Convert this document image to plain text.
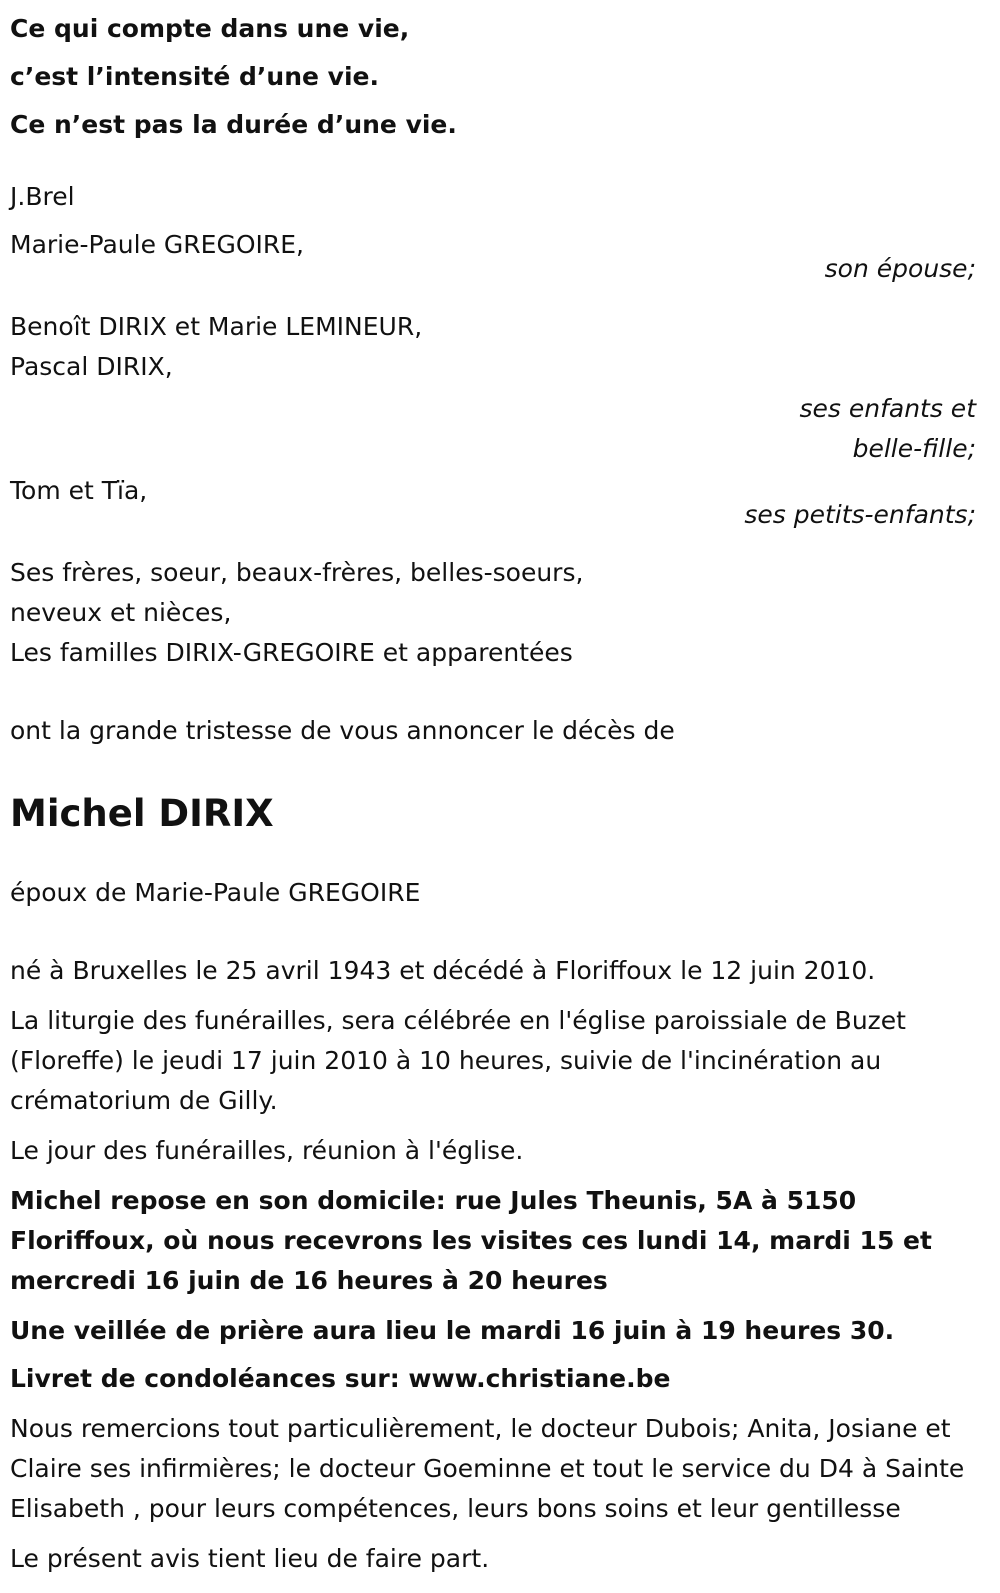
Ce qui compte dans une vie,

c’est l’intensité d’une vie.

Ce n’est pas la durée d’une vie.

J.Brel

Marie-Paule GREGOIRE,

son épouse;

Benoît DIRIX et Marie LEMINEUR,

Pascal DIRIX,

ses enfants et belle-fille;

Tom et Tïa,

ses petits-enfants;

Ses frères, soeur, beaux-frères, belles-soeurs,

neveux et nièces,

Les familles DIRIX-GREGOIRE et apparentées

ont la grande tristesse de vous annoncer le décès de

Michel DIRIX

époux de Marie-Paule GREGOIRE

né à Bruxelles le 25 avril 1943 et décédé à Floriffoux le 12 juin 2010.

La liturgie des funérailles, sera célébrée en l'église paroissiale de Buzet (Floreffe) le jeudi 17 juin 2010 à 10 heures, suivie de l'incinération au crématorium de Gilly.

Le jour des funérailles, réunion à l'église.

Michel repose en son domicile: rue Jules Theunis, 5A à 5150 Floriffoux, où nous recevrons les visites ces lundi 14, mardi 15 et mercredi 16 juin de 16 heures à 20 heures

Une veillée de prière aura lieu le mardi 16 juin à 19 heures 30.

Livret de condoléances sur: www.christiane.be

Nous remercions tout particulièrement, le docteur Dubois; Anita, Josiane et Claire ses infirmières; le docteur Goeminne et tout le service du D4 à Sainte Elisabeth , pour leurs compétences, leurs bons soins et leur gentillesse

Le présent avis tient lieu de faire part.
